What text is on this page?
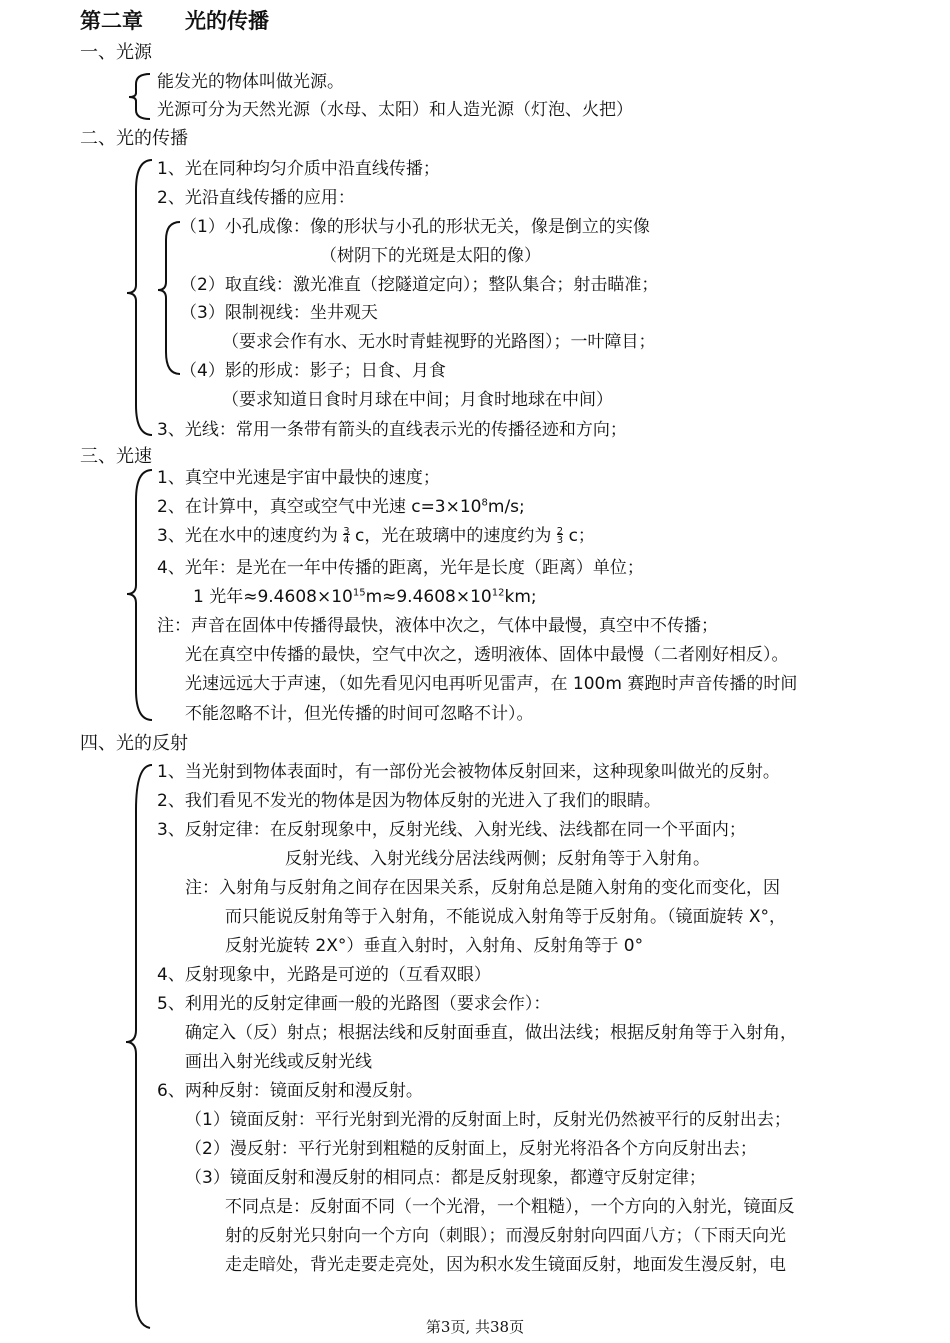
第二章　　光的传播
一、光源
能发光的物体叫做光源。
光源可分为天然光源（水母、太阳）和人造光源（灯泡、火把）
二、光的传播
1、光在同种均匀介质中沿直线传播；
2、光沿直线传播的应用：
（1）小孔成像：像的形状与小孔的形状无关，像是倒立的实像
（树阴下的光斑是太阳的像）
（2）取直线：激光准直（挖隧道定向）；整队集合；射击瞄准；
（3）限制视线：坐井观天
（要求会作有水、无水时青蛙视野的光路图）；一叶障目；
（4）影的形成：影子；日食、月食
（要求知道日食时月球在中间；月食时地球在中间）
3、光线：常用一条带有箭头的直线表示光的传播径迹和方向；
三、光速
1、真空中光速是宇宙中最快的速度；
2、在计算中，真空或空气中光速 $c=3\times 10^8m/s$;
3、光在水中的速度约为 3
4 c，光在玻璃中的速度约为 2
3 c；
4、光年：是光在一年中传播的距离，光年是长度（距离）单位；
1 光年$\approx 9.4608\times 10^{15}m\approx 9.4608\times 10^{12}km$;
注：声音在固体中传播得最快，液体中次之，气体中最慢，真空中不传播；
光在真空中传播的最快，空气中次之，透明液体、固体中最慢（二者刚好相反）。
光速远远大于声速，（如先看见闪电再听见雷声，在 100m 赛跑时声音传播的时间
不能忽略不计，但光传播的时间可忽略不计）。
四、光的反射
1、当光射到物体表面时，有一部份光会被物体反射回来，这种现象叫做光的反射。
2、我们看见不发光的物体是因为物体反射的光进入了我们的眼睛。
3、反射定律：在反射现象中，反射光线、入射光线、法线都在同一个平面内；
反射光线、入射光线分居法线两侧；反射角等于入射角。
注：入射角与反射角之间存在因果关系，反射角总是随入射角的变化而变化，因
而只能说反射角等于入射角，不能说成入射角等于反射角。（镜面旋转 X°，
反射光旋转 2X°）垂直入射时，入射角、反射角等于 0°
4、反射现象中，光路是可逆的（互看双眼）
5、利用光的反射定律画一般的光路图（要求会作）：
确定入（反）射点；根据法线和反射面垂直，做出法线；根据反射角等于入射角，
画出入射光线或反射光线
6、两种反射：镜面反射和漫反射。
（1）镜面反射：平行光射到光滑的反射面上时，反射光仍然被平行的反射出去；
（2）漫反射：平行光射到粗糙的反射面上，反射光将沿各个方向反射出去；
（3）镜面反射和漫反射的相同点：都是反射现象，都遵守反射定律；
不同点是：反射面不同（一个光滑，一个粗糙），一个方向的入射光，镜面反
射的反射光只射向一个方向（刺眼）；而漫反射射向四面八方；（下雨天向光
走走暗处，背光走要走亮处，因为积水发生镜面反射，地面发生漫反射，电
第3页, 共38页
